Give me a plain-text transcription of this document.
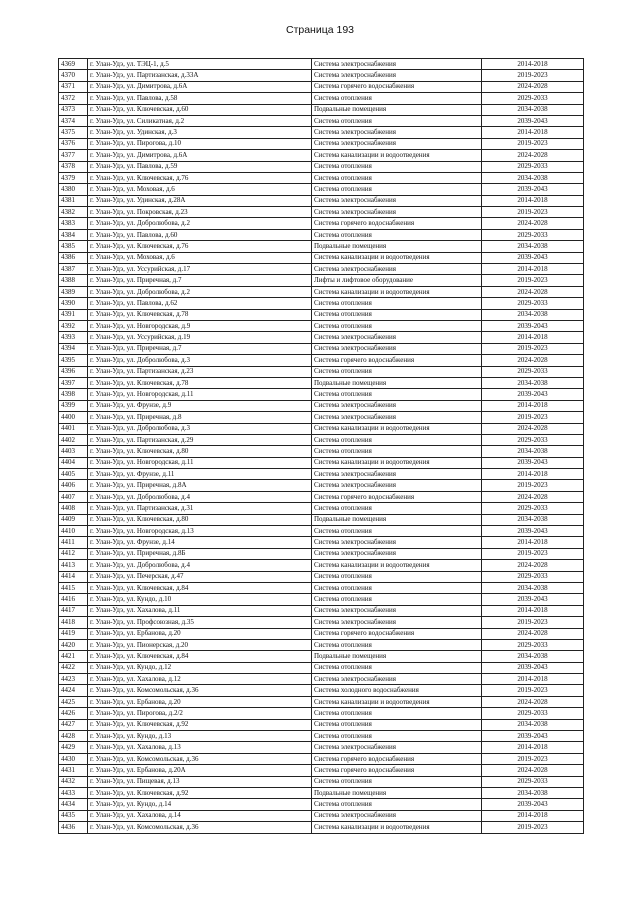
Страница 193
4369	г. Улан-Удэ, ул. ТЭЦ-1, д.5	Система электроснабжения	2014-2018
4370	г. Улан-Удэ, ул. Партизанская, д.33А	Система электроснабжения	2019-2023
4371	г. Улан-Удэ, ул. Димитрова, д.6А	Система горячего водоснабжения	2024-2028
4372	г. Улан-Удэ, ул. Павлова, д.58	Система отопления	2029-2033
4373	г. Улан-Удэ, ул. Ключевская, д.60	Подвальные помещения	2034-2038
4374	г. Улан-Удэ, ул. Силикатная, д.2	Система отопления	2039-2043
4375	г. Улан-Удэ, ул. Удинская, д.3	Система электроснабжения	2014-2018
4376	г. Улан-Удэ, ул. Пирогова, д.10	Система электроснабжения	2019-2023
4377	г. Улан-Удэ, ул. Димитрова, д.6А	Система канализации и водоотведения	2024-2028
4378	г. Улан-Удэ, ул. Павлова, д.59	Система отопления	2029-2033
4379	г. Улан-Удэ, ул. Ключевская, д.76	Система отопления	2034-2038
4380	г. Улан-Удэ, ул. Моховая, д.6	Система отопления	2039-2043
4381	г. Улан-Удэ, ул. Удинская, д.28А	Система электроснабжения	2014-2018
4382	г. Улан-Удэ, ул. Покровская, д.23	Система электроснабжения	2019-2023
4383	г. Улан-Удэ, ул. Добролюбова, д.2	Система горячего водоснабжения	2024-2028
4384	г. Улан-Удэ, ул. Павлова, д.60	Система отопления	2029-2033
4385	г. Улан-Удэ, ул. Ключевская, д.76	Подвальные помещения	2034-2038
4386	г. Улан-Удэ, ул. Моховая, д.6	Система канализации и водоотведения	2039-2043
4387	г. Улан-Удэ, ул. Уссурийская, д.17	Система электроснабжения	2014-2018
4388	г. Улан-Удэ, ул. Приречная, д.7	Лифты и лифтовое оборудование	2019-2023
4389	г. Улан-Удэ, ул. Добролюбова, д.2	Система канализации и водоотведения	2024-2028
4390	г. Улан-Удэ, ул. Павлова, д.62	Система отопления	2029-2033
4391	г. Улан-Удэ, ул. Ключевская, д.78	Система отопления	2034-2038
4392	г. Улан-Удэ, ул. Новгородская, д.9	Система отопления	2039-2043
4393	г. Улан-Удэ, ул. Уссурийская, д.19	Система электроснабжения	2014-2018
4394	г. Улан-Удэ, ул. Приречная, д.7	Система электроснабжения	2019-2023
4395	г. Улан-Удэ, ул. Добролюбова, д.3	Система горячего водоснабжения	2024-2028
4396	г. Улан-Удэ, ул. Партизанская, д.23	Система отопления	2029-2033
4397	г. Улан-Удэ, ул. Ключевская, д.78	Подвальные помещения	2034-2038
4398	г. Улан-Удэ, ул. Новгородская, д.11	Система отопления	2039-2043
4399	г. Улан-Удэ, ул. Фрунзе, д.9	Система электроснабжения	2014-2018
4400	г. Улан-Удэ, ул. Приречная, д.8	Система электроснабжения	2019-2023
4401	г. Улан-Удэ, ул. Добролюбова, д.3	Система канализации и водоотведения	2024-2028
4402	г. Улан-Удэ, ул. Партизанская, д.29	Система отопления	2029-2033
4403	г. Улан-Удэ, ул. Ключевская, д.80	Система отопления	2034-2038
4404	г. Улан-Удэ, ул. Новгородская, д.11	Система канализации и водоотведения	2039-2043
4405	г. Улан-Удэ, ул. Фрунзе, д.11	Система электроснабжения	2014-2018
4406	г. Улан-Удэ, ул. Приречная, д.8А	Система электроснабжения	2019-2023
4407	г. Улан-Удэ, ул. Добролюбова, д.4	Система горячего водоснабжения	2024-2028
4408	г. Улан-Удэ, ул. Партизанская, д.31	Система отопления	2029-2033
4409	г. Улан-Удэ, ул. Ключевская, д.80	Подвальные помещения	2034-2038
4410	г. Улан-Удэ, ул. Новгородская, д.13	Система отопления	2039-2043
4411	г. Улан-Удэ, ул. Фрунзе, д.14	Система электроснабжения	2014-2018
4412	г. Улан-Удэ, ул. Приречная, д.8Б	Система электроснабжения	2019-2023
4413	г. Улан-Удэ, ул. Добролюбова, д.4	Система канализации и водоотведения	2024-2028
4414	г. Улан-Удэ, ул. Печерская, д.47	Система отопления	2029-2033
4415	г. Улан-Удэ, ул. Ключевская, д.84	Система отопления	2034-2038
4416	г. Улан-Удэ, ул. Кундо, д.10	Система отопления	2039-2043
4417	г. Улан-Удэ, ул. Хахалова, д.11	Система электроснабжения	2014-2018
4418	г. Улан-Удэ, ул. Профсоюзная, д.35	Система электроснабжения	2019-2023
4419	г. Улан-Удэ, ул. Ербанова, д.20	Система горячего водоснабжения	2024-2028
4420	г. Улан-Удэ, ул. Пионерская, д.20	Система отопления	2029-2033
4421	г. Улан-Удэ, ул. Ключевская, д.84	Подвальные помещения	2034-2038
4422	г. Улан-Удэ, ул. Кундо, д.12	Система отопления	2039-2043
4423	г. Улан-Удэ, ул. Хахалова, д.12	Система электроснабжения	2014-2018
4424	г. Улан-Удэ, ул. Комсомольская, д.36	Система холодного водоснабжения	2019-2023
4425	г. Улан-Удэ, ул. Ербанова, д.20	Система канализации и водоотведения	2024-2028
4426	г. Улан-Удэ, ул. Пирогова, д.2/2	Система отопления	2029-2033
4427	г. Улан-Удэ, ул. Ключевская, д.92	Система отопления	2034-2038
4428	г. Улан-Удэ, ул. Кундо, д.13	Система отопления	2039-2043
4429	г. Улан-Удэ, ул. Хахалова, д.13	Система электроснабжения	2014-2018
4430	г. Улан-Удэ, ул. Комсомольская, д.36	Система горячего водоснабжения	2019-2023
4431	г. Улан-Удэ, ул. Ербанова, д.20А	Система горячего водоснабжения	2024-2028
4432	г. Улан-Удэ, ул. Пищевая, д.13	Система отопления	2029-2033
4433	г. Улан-Удэ, ул. Ключевская, д.92	Подвальные помещения	2034-2038
4434	г. Улан-Удэ, ул. Кундо, д.14	Система отопления	2039-2043
4435	г. Улан-Удэ, ул. Хахалова, д.14	Система электроснабжения	2014-2018
4436	г. Улан-Удэ, ул. Комсомольская, д.36	Система канализации и водоотведения	2019-2023
